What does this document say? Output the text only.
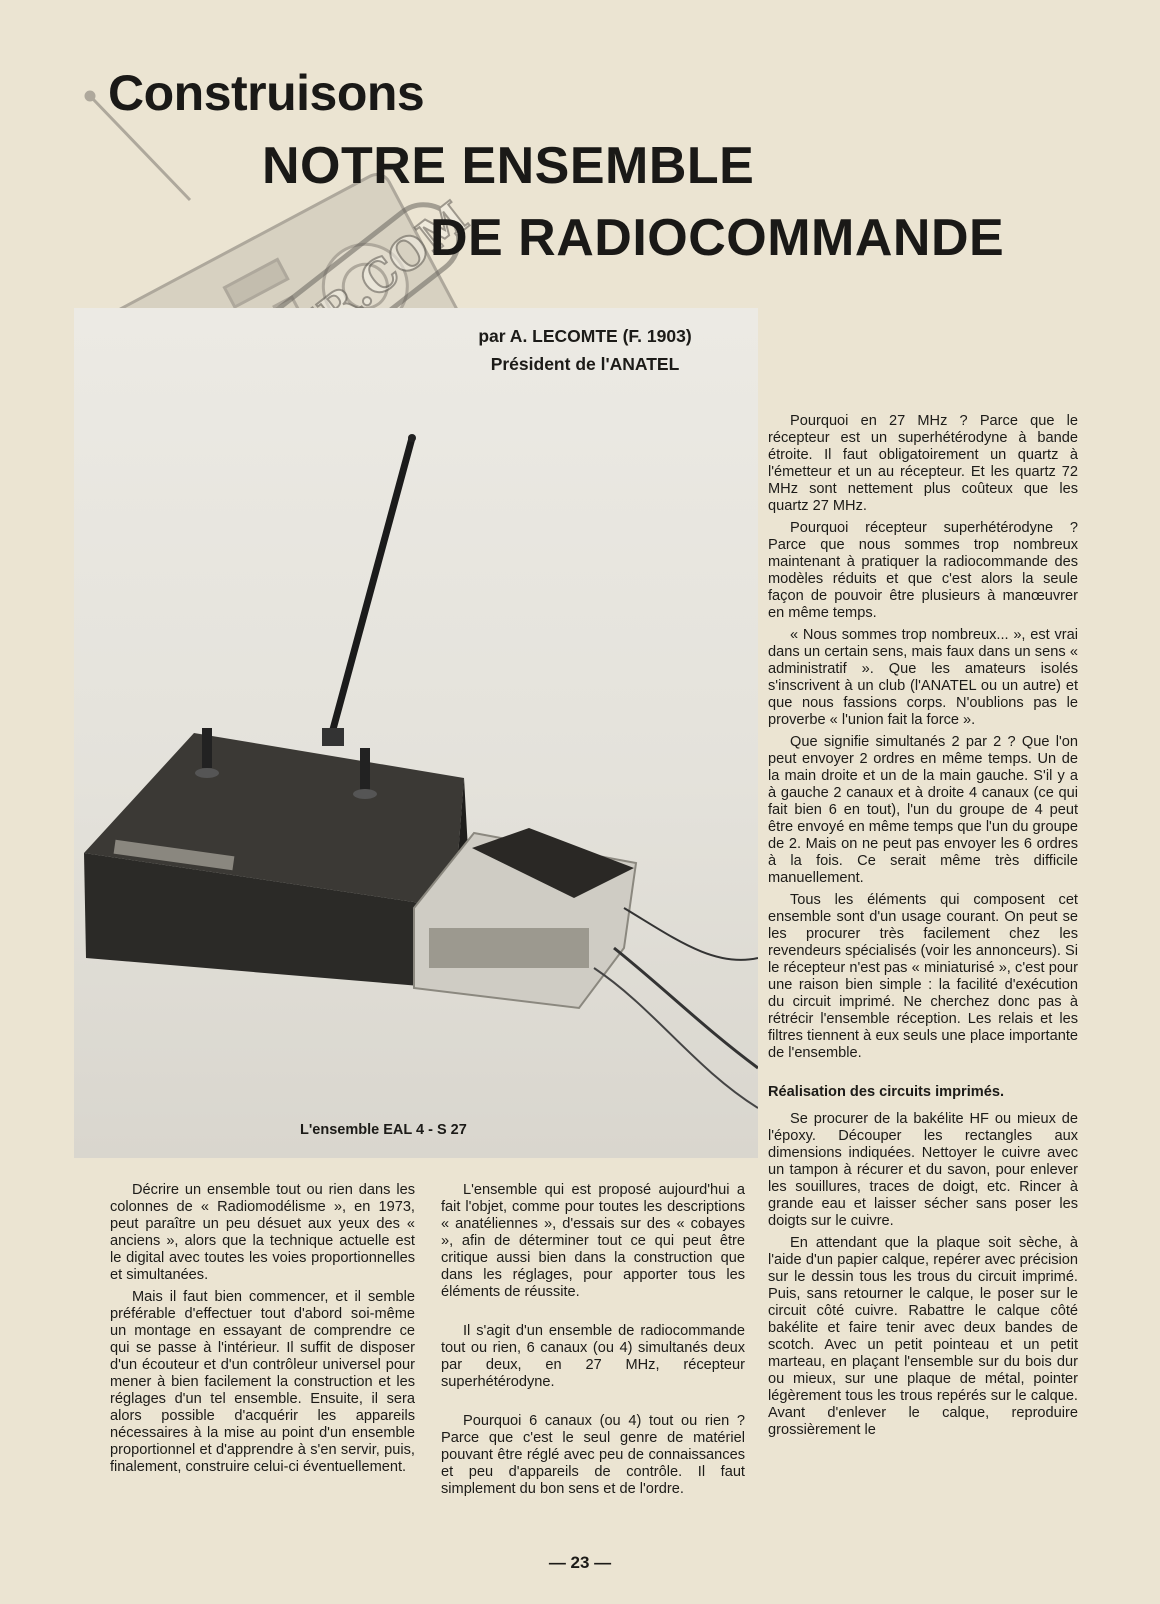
Construisons
NOTRE ENSEMBLE
DE RADIOCOMMANDE
par A. LECOMTE (F. 1903)
Président de l'ANATEL
L'ensemble EAL 4 - S 27

Pourquoi en 27 MHz ? Parce que le récepteur est un superhétérodyne à bande étroite. Il faut obligatoirement un quartz à l'émetteur et un au récepteur. Et les quartz 72 MHz sont nettement plus coûteux que les quartz 27 MHz.

Pourquoi récepteur superhétérodyne ? Parce que nous sommes trop nombreux maintenant à pratiquer la radiocommande des modèles réduits et que c'est alors la seule façon de pouvoir être plusieurs à manœuvrer en même temps.

« Nous sommes trop nombreux... », est vrai dans un certain sens, mais faux dans un sens « administratif ». Que les amateurs isolés s'inscrivent à un club (l'ANATEL ou un autre) et que nous fassions corps. N'oublions pas le proverbe « l'union fait la force ».

Que signifie simultanés 2 par 2 ? Que l'on peut envoyer 2 ordres en même temps. Un de la main droite et un de la main gauche. S'il y a à gauche 2 canaux et à droite 4 canaux (ce qui fait bien 6 en tout), l'un du groupe de 4 peut être envoyé en même temps que l'un du groupe de 2. Mais on ne peut pas envoyer les 6 ordres à la fois. Ce serait même très difficile manuellement.

Tous les éléments qui composent cet ensemble sont d'un usage courant. On peut se les procurer très facilement chez les revendeurs spécialisés (voir les annonceurs). Si le récepteur n'est pas « miniaturisé », c'est pour une raison bien simple : la facilité d'exécution du circuit imprimé. Ne cherchez donc pas à rétrécir l'ensemble réception. Les relais et les filtres tiennent à eux seuls une place importante de l'ensemble.

Réalisation des circuits imprimés.

Se procurer de la bakélite HF ou mieux de l'époxy. Découper les rectangles aux dimensions indiquées. Nettoyer le cuivre avec un tampon à récurer et du savon, pour enlever les souillures, traces de doigt, etc. Rincer à grande eau et laisser sécher sans poser les doigts sur le cuivre.

En attendant que la plaque soit sèche, à l'aide d'un papier calque, repérer avec précision sur le dessin tous les trous du circuit imprimé. Puis, sans retourner le calque, le poser sur le circuit côté cuivre. Rabattre le calque côté bakélite et faire tenir avec deux bandes de scotch. Avec un petit pointeau et un petit marteau, en plaçant l'ensemble sur du bois dur ou mieux, sur une plaque de métal, pointer légèrement tous les trous repérés sur le calque. Avant d'enlever le calque, reproduire grossièrement le

Décrire un ensemble tout ou rien dans les colonnes de « Radiomodélisme », en 1973, peut paraître un peu désuet aux yeux des « anciens », alors que la technique actuelle est le digital avec toutes les voies proportionnelles et simultanées.

Mais il faut bien commencer, et il semble préférable d'effectuer tout d'abord soi-même un montage en essayant de comprendre ce qui se passe à l'intérieur. Il suffit de disposer d'un écouteur et d'un contrôleur universel pour mener à bien facilement la construction et les réglages d'un tel ensemble. Ensuite, il sera alors possible d'acquérir les appareils nécessaires à la mise au point d'un ensemble proportionnel et d'apprendre à s'en servir, puis, finalement, construire celui-ci éventuellement.

L'ensemble qui est proposé aujourd'hui a fait l'objet, comme pour toutes les descriptions « anatéliennes », d'essais sur des « cobayes », afin de déterminer tout ce qui peut être critique aussi bien dans la construction que dans les réglages, pour apporter tous les éléments de réussite.

Il s'agit d'un ensemble de radiocommande tout ou rien, 6 canaux (ou 4) simultanés deux par deux, en 27 MHz, récepteur superhétérodyne.

Pourquoi 6 canaux (ou 4) tout ou rien ? Parce que c'est le seul genre de matériel pouvant être réglé avec peu de connaissances et peu d'appareils de contrôle. Il faut simplement du bon sens et de l'ordre.

— 23 —
